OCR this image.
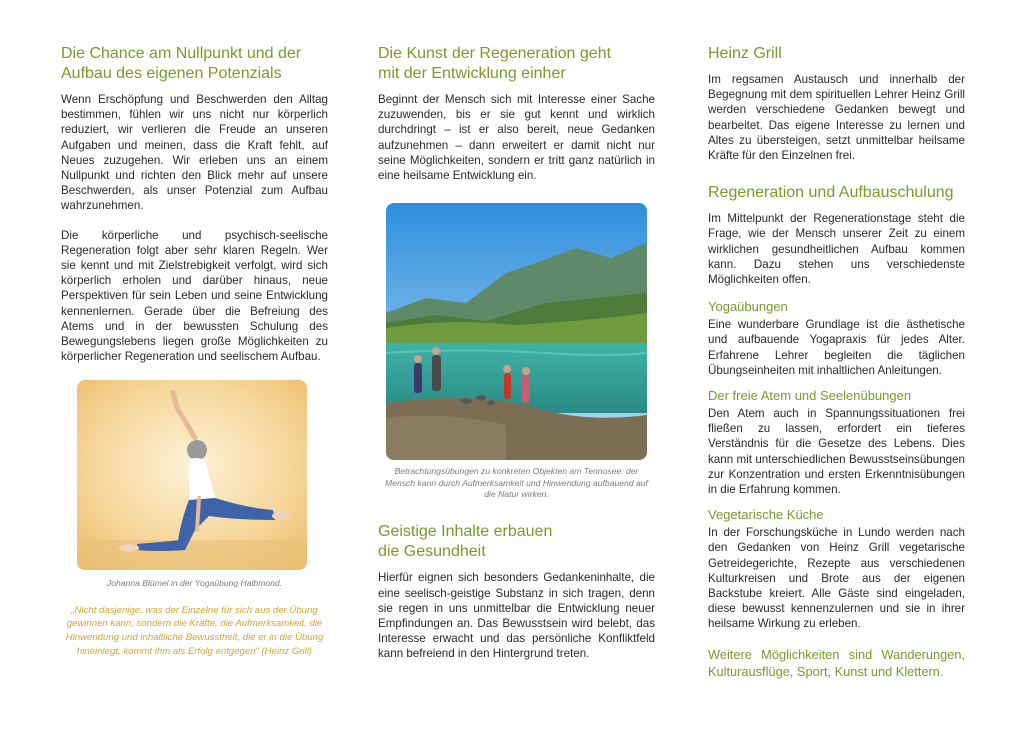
Die Chance am Nullpunkt und der Aufbau des eigenen Potenzials

Wenn Erschöpfung und Beschwerden den Alltag bestimmen, fühlen wir uns nicht nur körperlich reduziert, wir verlieren die Freude an unseren Aufgaben und meinen, dass die Kraft fehlt, auf Neues zuzugehen. Wir erleben uns an einem Nullpunkt und richten den Blick mehr auf unsere Beschwerden, als unser Potenzial zum Aufbau wahrzunehmen.

Die körperliche und psychisch-seelische Regeneration folgt aber sehr klaren Regeln. Wer sie kennt und mit Zielstrebigkeit verfolgt, wird sich körperlich erholen und darüber hinaus, neue Perspektiven für sein Leben und seine Entwicklung kennenlernen. Gerade über die Befreiung des Atems und in der bewussten Schulung des Bewegungslebens liegen große Möglichkeiten zu körperlicher Regeneration und seelischem Aufbau.

Johanna Blümel in der Yogaübung Halbmond.
„Nicht dasjenige, was der Einzelne für sich aus der Übung gewinnen kann, sondern die Kräfte, die Aufmerksamkeit, die Hinwendung und inhaltliche Bewusstheit, die er in die Übung hineinlegt, kommt ihm als Erfolg entgegen“ (Heinz Grill)
Die Kunst der Regeneration geht mit der Entwicklung einher

Beginnt der Mensch sich mit Interesse einer Sache zuzuwenden, bis er sie gut kennt und wirklich durchdringt – ist er also bereit, neue Gedanken aufzunehmen – dann erweitert er damit nicht nur seine Möglichkeiten, sondern er tritt ganz natürlich in eine heilsame Entwicklung ein.

Betrachtungsübungen zu konkreten Objekten am Tennosee: der Mensch kann durch Aufmerksamkeit und Hinwendung aufbauend auf die Natur wirken.
Geistige Inhalte erbauen die Gesundheit

Hierfür eignen sich besonders Gedankeninhalte, die eine seelisch-geistige Substanz in sich tragen, denn sie regen in uns unmittelbar die Entwicklung neuer Empfindungen an. Das Bewusstsein wird belebt, das Interesse erwacht und das persönliche Konfliktfeld kann befreiend in den Hintergrund treten.

Heinz Grill

Im regsamen Austausch und innerhalb der Begegnung mit dem spirituellen Lehrer Heinz Grill werden verschiedene Gedanken bewegt und bearbeitet. Das eigene Interesse zu lernen und Altes zu übersteigen, setzt unmittelbar heilsame Kräfte für den Einzelnen frei.

Regeneration und Aufbauschulung

Im Mittelpunkt der Regenerationstage steht die Frage, wie der Mensch unserer Zeit zu einem wirklichen gesundheitlichen Aufbau kommen kann. Dazu stehen uns verschiedenste Möglichkeiten offen.

Yogaübungen

Eine wunderbare Grundlage ist die ästhetische und aufbauende Yogapraxis für jedes Alter. Erfahrene Lehrer begleiten die täglichen Übungseinheiten mit inhaltlichen Anleitungen.

Der freie Atem und Seelenübungen

Den Atem auch in Spannungssituationen frei fließen zu lassen, erfordert ein tieferes Verständnis für die Gesetze des Lebens. Dies kann mit unterschiedlichen Bewusstseinsübungen zur Konzentration und ersten Erkenntnisübungen in die Erfahrung kommen.

Vegetarische Küche

In der Forschungsküche in Lundo werden nach den Gedanken von Heinz Grill vegetarische Getreidegerichte, Rezepte aus verschiedenen Kulturkreisen und Brote aus der eigenen Backstube kreiert. Alle Gäste sind eingeladen, diese bewusst kennenzulernen und sie in ihrer heilsame Wirkung zu erleben.

Weitere Möglichkeiten sind Wanderungen, Kulturausflüge, Sport, Kunst und Klettern.
